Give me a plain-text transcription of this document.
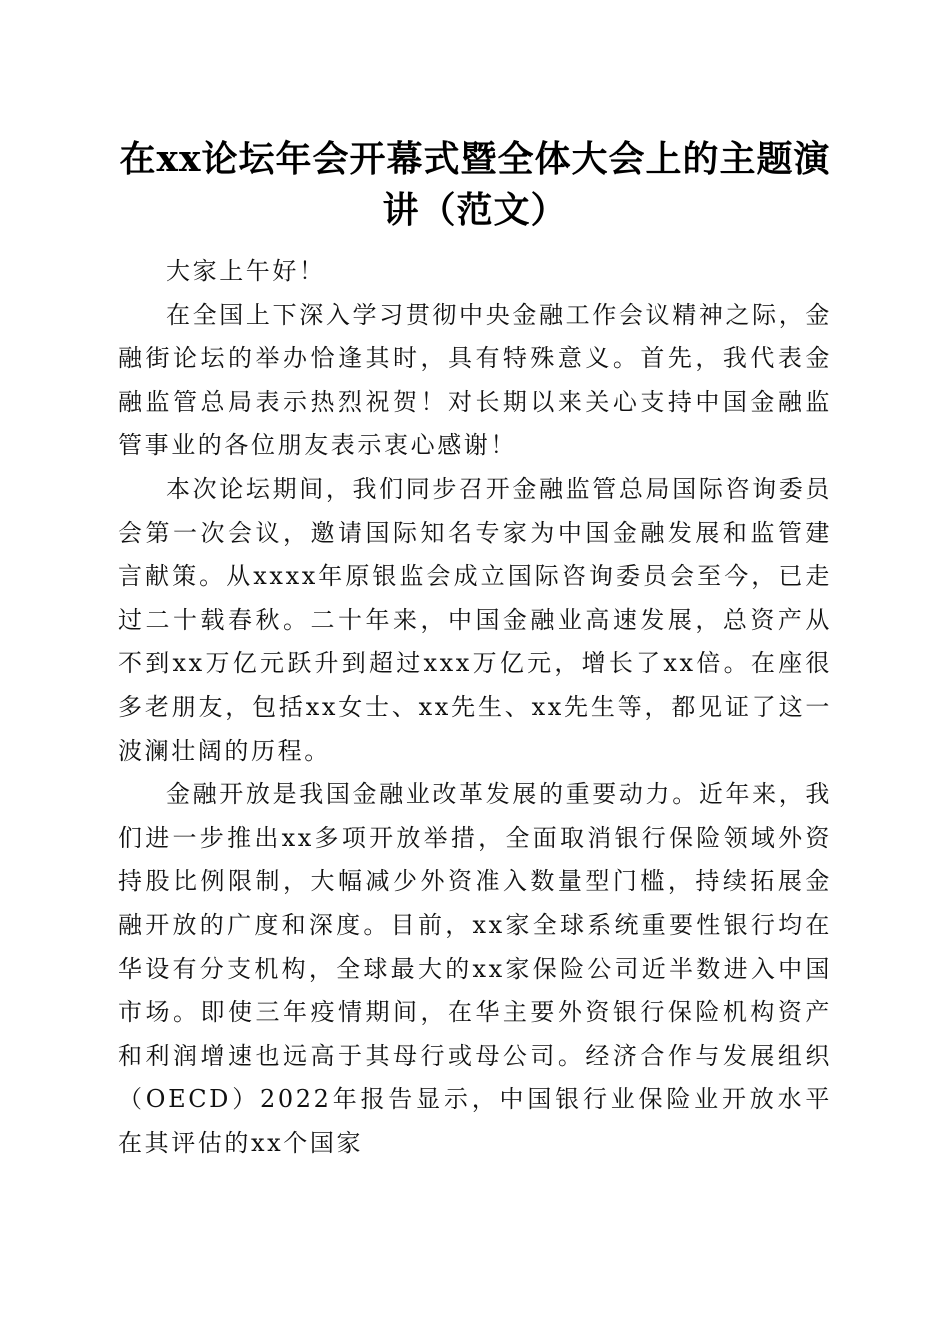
在xx论坛年会开幕式暨全体大会上的主题演讲（范文）

大家上午好！

在全国上下深入学习贯彻中央金融工作会议精神之际，金融街论坛的举办恰逢其时，具有特殊意义。首先，我代表金融监管总局表示热烈祝贺！对长期以来关心支持中国金融监管事业的各位朋友表示衷心感谢！

本次论坛期间，我们同步召开金融监管总局国际咨询委员会第一次会议，邀请国际知名专家为中国金融发展和监管建言献策。从xxxx年原银监会成立国际咨询委员会至今，已走过二十载春秋。二十年来，中国金融业高速发展，总资产从不到xx万亿元跃升到超过xxx万亿元，增长了xx倍。在座很多老朋友，包括xx女士、xx先生、xx先生等，都见证了这一波澜壮阔的历程。

金融开放是我国金融业改革发展的重要动力。近年来，我们进一步推出xx多项开放举措，全面取消银行保险领域外资持股比例限制，大幅减少外资准入数量型门槛，持续拓展金融开放的广度和深度。目前，xx家全球系统重要性银行均在华设有分支机构，全球最大的xx家保险公司近半数进入中国市场。即使三年疫情期间，在华主要外资银行保险机构资产和利润增速也远高于其母行或母公司。经济合作与发展组织（OECD）2022年报告显示，中国银行业保险业开放水平在其评估的xx个国家
